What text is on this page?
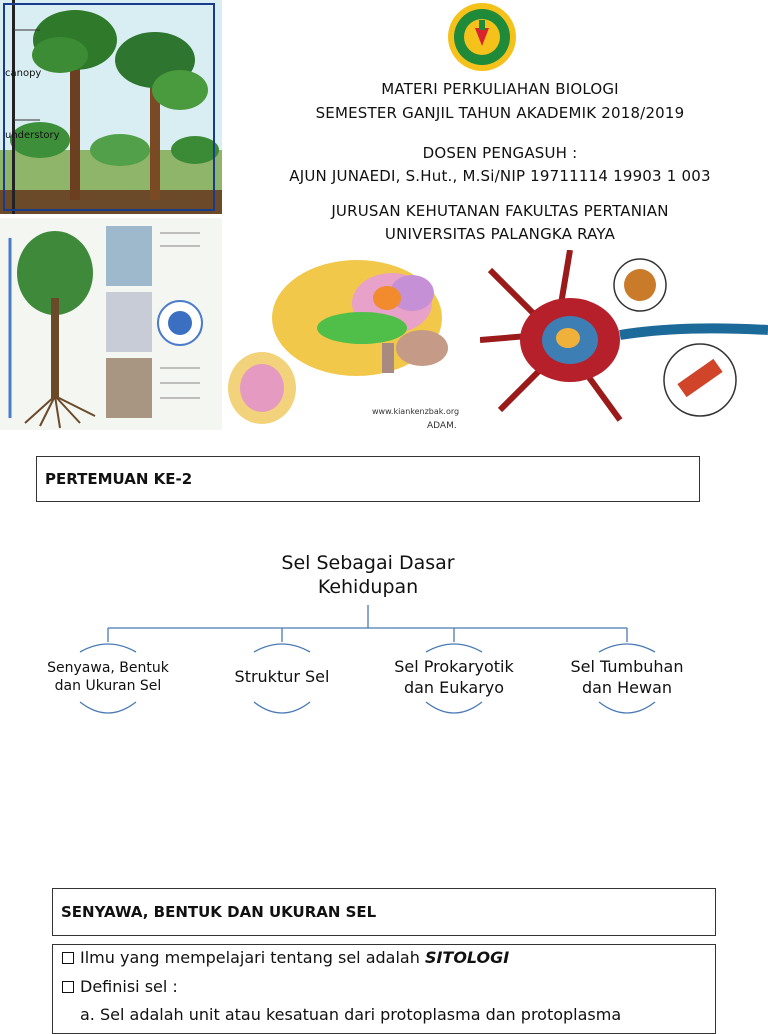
canopy
understory
www.kiankenzbak.org
ADAM.
MATERI PERKULIAHAN BIOLOGI
SEMESTER GANJIL TAHUN AKADEMIK 2018/2019
DOSEN PENGASUH :
AJUN JUNAEDI, S.Hut., M.Si/NIP 19711114 19903 1 003
JURUSAN KEHUTANAN FAKULTAS PERTANIAN
UNIVERSITAS PALANGKA RAYA
PERTEMUAN KE-2
Sel Sebagai Dasar
Kehidupan
Senyawa, Bentuk
dan Ukuran Sel	Struktur Sel
Sel Prokaryotik
dan Eukaryo
Sel Tumbuhan
dan Hewan
SENYAWA, BENTUK DAN UKURAN SEL
Ilmu yang mempelajari tentang sel adalah SITOLOGI
Definisi sel :
a. Sel adalah unit atau kesatuan dari protoplasma dan protoplasma
